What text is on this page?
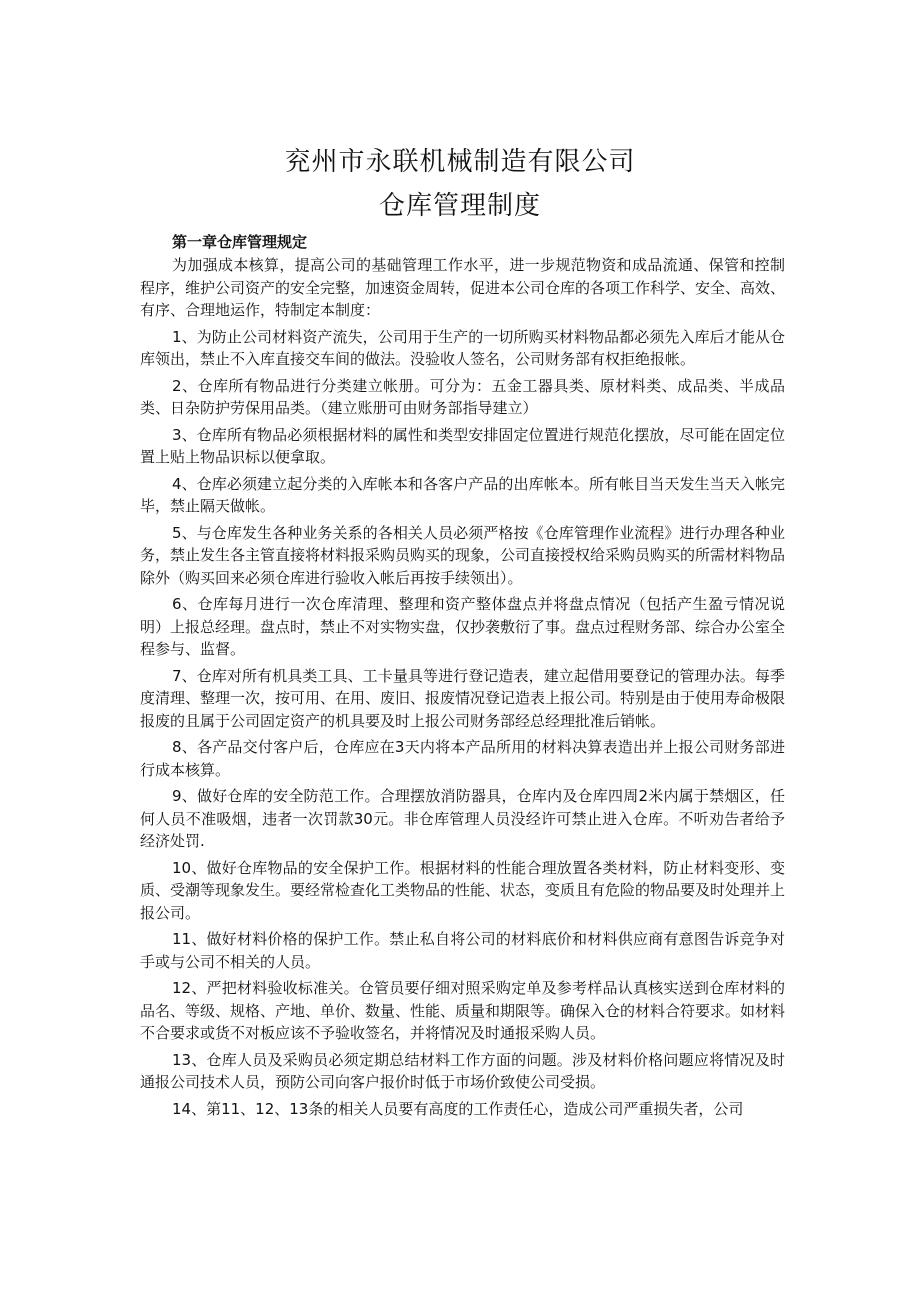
兖州市永联机械制造有限公司
仓库管理制度
第一章仓库管理规定

为加强成本核算，提高公司的基础管理工作水平，进一步规范物资和成品流通、保管和控制程序，维护公司资产的安全完整，加速资金周转，促进本公司仓库的各项工作科学、安全、高效、有序、合理地运作，特制定本制度：

1、为防止公司材料资产流失，公司用于生产的一切所购买材料物品都必须先入库后才能从仓库领出，禁止不入库直接交车间的做法。没验收人签名，公司财务部有权拒绝报帐。

2、仓库所有物品进行分类建立帐册。可分为：五金工器具类、原材料类、成品类、半成品类、日杂防护劳保用品类。（建立账册可由财务部指导建立）

3、仓库所有物品必须根据材料的属性和类型安排固定位置进行规范化摆放，尽可能在固定位置上贴上物品识标以便拿取。

4、仓库必须建立起分类的入库帐本和各客户产品的出库帐本。所有帐目当天发生当天入帐完毕，禁止隔天做帐。

5、与仓库发生各种业务关系的各相关人员必须严格按《仓库管理作业流程》进行办理各种业务，禁止发生各主管直接将材料报采购员购买的现象，公司直接授权给采购员购买的所需材料物品除外（购买回来必须仓库进行验收入帐后再按手续领出）。

6、仓库每月进行一次仓库清理、整理和资产整体盘点并将盘点情况（包括产生盈亏情况说明）上报总经理。盘点时，禁止不对实物实盘，仅抄袭敷衍了事。盘点过程财务部、综合办公室全程参与、监督。

7、仓库对所有机具类工具、工卡量具等进行登记造表，建立起借用要登记的管理办法。每季度清理、整理一次，按可用、在用、废旧、报废情况登记造表上报公司。特别是由于使用寿命极限报废的且属于公司固定资产的机具要及时上报公司财务部经总经理批准后销帐。

8、各产品交付客户后，仓库应在3天内将本产品所用的材料决算表造出并上报公司财务部进行成本核算。

9、做好仓库的安全防范工作。合理摆放消防器具，仓库内及仓库四周2米内属于禁烟区，任何人员不准吸烟，违者一次罚款30元。非仓库管理人员没经许可禁止进入仓库。不听劝告者给予经济处罚.

10、做好仓库物品的安全保护工作。根据材料的性能合理放置各类材料，防止材料变形、变质、受潮等现象发生。要经常检查化工类物品的性能、状态，变质且有危险的物品要及时处理并上报公司。

11、做好材料价格的保护工作。禁止私自将公司的材料底价和材料供应商有意图告诉竞争对手或与公司不相关的人员。

12、严把材料验收标准关。仓管员要仔细对照采购定单及参考样品认真核实送到仓库材料的品名、等级、规格、产地、单价、数量、性能、质量和期限等。确保入仓的材料合符要求。如材料不合要求或货不对板应该不予验收签名，并将情况及时通报采购人员。

13、仓库人员及采购员必须定期总结材料工作方面的问题。涉及材料价格问题应将情况及时通报公司技术人员，预防公司向客户报价时低于市场价致使公司受损。

14、第11、12、13条的相关人员要有高度的工作责任心，造成公司严重损失者，公司
